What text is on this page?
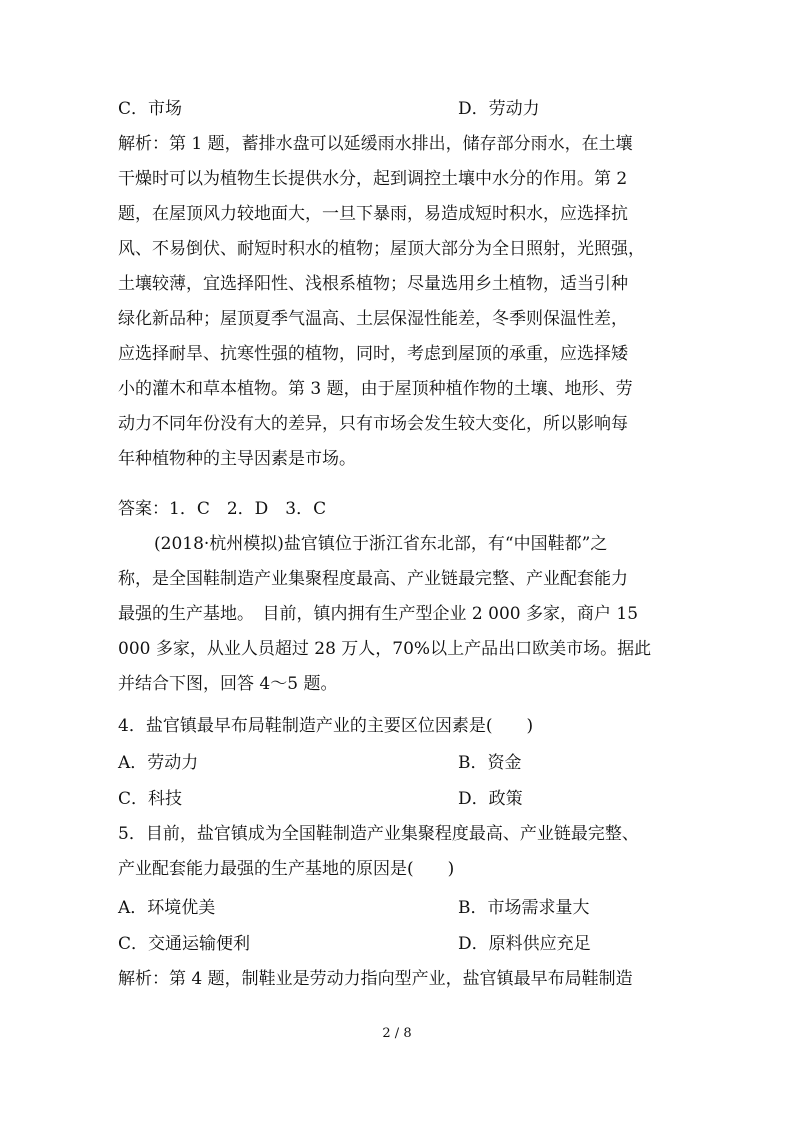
C．市场	D．劳动力
解析：第 1 题，蓄排水盘可以延缓雨水排出，储存部分雨水，在土壤
干燥时可以为植物生长提供水分，起到调控土壤中水分的作用。第 2
题，在屋顶风力较地面大，一旦下暴雨，易造成短时积水，应选择抗
风、不易倒伏、耐短时积水的植物；屋顶大部分为全日照射，光照强，
土壤较薄，宜选择阳性、浅根系植物；尽量选用乡土植物，适当引种
绿化新品种；屋顶夏季气温高、土层保湿性能差，冬季则保温性差，
应选择耐旱、抗寒性强的植物，同时，考虑到屋顶的承重，应选择矮
小的灌木和草本植物。第 3 题，由于屋顶种植作物的土壤、地形、劳
动力不同年份没有大的差异，只有市场会发生较大变化，所以影响每
年种植物种的主导因素是市场。
答案：1．C　2．D　3．C
(2018·杭州模拟)盐官镇位于浙江省东北部，有“中国鞋都”之
称，是全国鞋制造产业集聚程度最高、产业链最完整、产业配套能力
最强的生产基地。　目前，镇内拥有生产型企业 2 000 多家，商户 15
000 多家，从业人员超过 28 万人，70%以上产品出口欧美市场。据此
并结合下图，回答 4～5 题。
4．盐官镇最早布局鞋制造产业的主要区位因素是(　　)
A．劳动力	B．资金
C．科技	D．政策
5．目前，盐官镇成为全国鞋制造产业集聚程度最高、产业链最完整、
产业配套能力最强的生产基地的原因是(　　)
A．环境优美	B．市场需求量大
C．交通运输便利	D．原料供应充足
解析：第 4 题，制鞋业是劳动力指向型产业，盐官镇最早布局鞋制造
2 / 8
